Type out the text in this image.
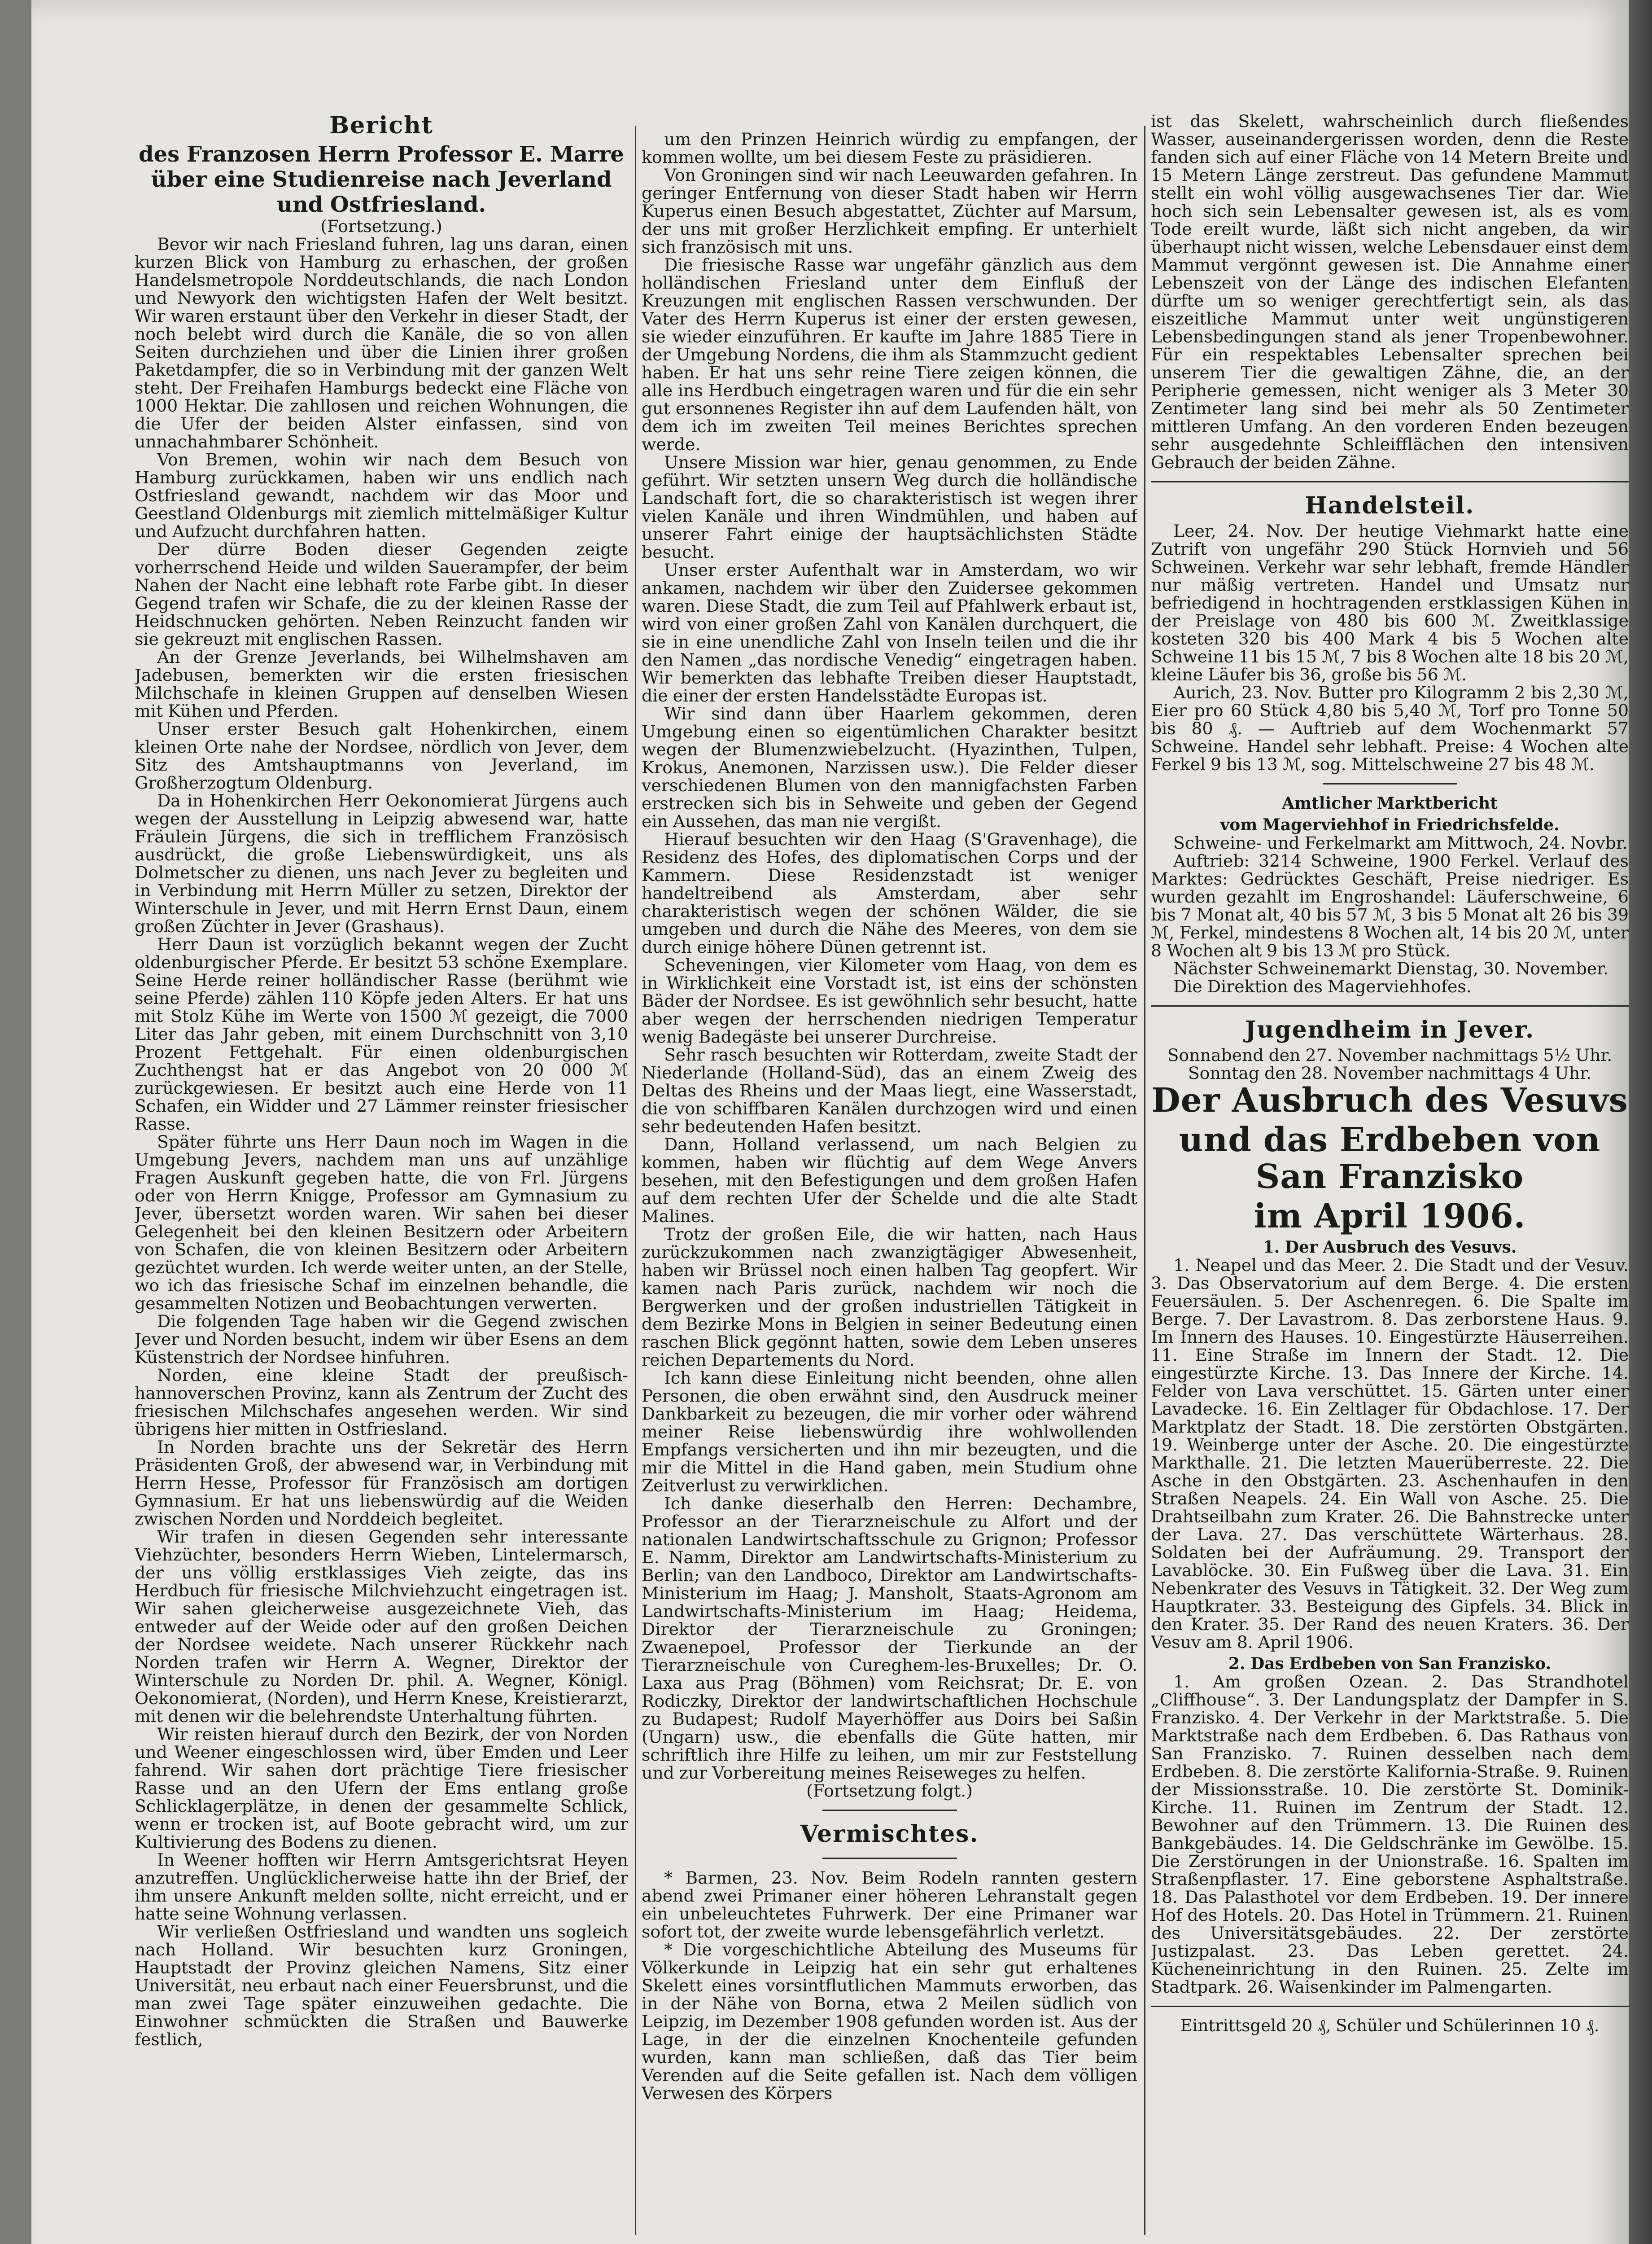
Bericht
des Franzosen Herrn Professor E. Marre
über eine Studienreise nach Jeverland und Ostfriesland.

(Fortsetzung.)

Bevor wir nach Friesland fuhren, lag uns daran, einen kurzen Blick von Hamburg zu erhaschen, der großen Handelsmetropole Norddeutschlands, die nach London und Newyork den wichtigsten Hafen der Welt besitzt. Wir waren erstaunt über den Verkehr in dieser Stadt, der noch belebt wird durch die Kanäle, die so von allen Seiten durchziehen und über die Linien ihrer großen Paketdampfer, die so in Verbindung mit der ganzen Welt steht. Der Freihafen Hamburgs bedeckt eine Fläche von 1000 Hektar. Die zahllosen und reichen Wohnungen, die die Ufer der beiden Alster einfassen, sind von unnachahmbarer Schönheit.

Von Bremen, wohin wir nach dem Besuch von Hamburg zurückkamen, haben wir uns endlich nach Ostfriesland gewandt, nachdem wir das Moor und Geestland Oldenburgs mit ziemlich mittelmäßiger Kultur und Aufzucht durchfahren hatten.

Der dürre Boden dieser Gegenden zeigte vorherrschend Heide und wilden Sauerampfer, der beim Nahen der Nacht eine lebhaft rote Farbe gibt. In dieser Gegend trafen wir Schafe, die zu der kleinen Rasse der Heidschnucken gehörten. Neben Reinzucht fanden wir sie gekreuzt mit englischen Rassen.

An der Grenze Jeverlands, bei Wilhelmshaven am Jadebusen, bemerkten wir die ersten friesischen Milchschafe in kleinen Gruppen auf denselben Wiesen mit Kühen und Pferden.

Unser erster Besuch galt Hohenkirchen, einem kleinen Orte nahe der Nordsee, nördlich von Jever, dem Sitz des Amtshauptmanns von Jeverland, im Großherzogtum Oldenburg.

Da in Hohenkirchen Herr Oekonomierat Jürgens auch wegen der Ausstellung in Leipzig abwesend war, hatte Fräulein Jürgens, die sich in trefflichem Französisch ausdrückt, die große Liebenswürdigkeit, uns als Dolmetscher zu dienen, uns nach Jever zu begleiten und in Verbindung mit Herrn Müller zu setzen, Direktor der Winterschule in Jever, und mit Herrn Ernst Daun, einem großen Züchter in Jever (Grashaus).

Herr Daun ist vorzüglich bekannt wegen der Zucht oldenburgischer Pferde. Er besitzt 53 schöne Exemplare. Seine Herde reiner holländischer Rasse (berühmt wie seine Pferde) zählen 110 Köpfe jeden Alters. Er hat uns mit Stolz Kühe im Werte von 1500 ℳ gezeigt, die 7000 Liter das Jahr geben, mit einem Durchschnitt von 3,10 Prozent Fettgehalt. Für einen oldenburgischen Zuchthengst hat er das Angebot von 20 000 ℳ zurückgewiesen. Er besitzt auch eine Herde von 11 Schafen, ein Widder und 27 Lämmer reinster friesischer Rasse.

Später führte uns Herr Daun noch im Wagen in die Umgebung Jevers, nachdem man uns auf unzählige Fragen Auskunft gegeben hatte, die von Frl. Jürgens oder von Herrn Knigge, Professor am Gymnasium zu Jever, übersetzt worden waren. Wir sahen bei dieser Gelegenheit bei den kleinen Besitzern oder Arbeitern von Schafen, die von kleinen Besitzern oder Arbeitern gezüchtet wurden. Ich werde weiter unten, an der Stelle, wo ich das friesische Schaf im einzelnen behandle, die gesammelten Notizen und Beobachtungen verwerten.

Die folgenden Tage haben wir die Gegend zwischen Jever und Norden besucht, indem wir über Esens an dem Küstenstrich der Nordsee hinfuhren.

Norden, eine kleine Stadt der preußisch-hannoverschen Provinz, kann als Zentrum der Zucht des friesischen Milchschafes angesehen werden. Wir sind übrigens hier mitten in Ostfriesland.

In Norden brachte uns der Sekretär des Herrn Präsidenten Groß, der abwesend war, in Verbindung mit Herrn Hesse, Professor für Französisch am dortigen Gymnasium. Er hat uns liebenswürdig auf die Weiden zwischen Norden und Norddeich begleitet.

Wir trafen in diesen Gegenden sehr interessante Viehzüchter, besonders Herrn Wieben, Lintelermarsch, der uns völlig erstklassiges Vieh zeigte, das ins Herdbuch für friesische Milchviehzucht eingetragen ist. Wir sahen gleicherweise ausgezeichnete Vieh, das entweder auf der Weide oder auf den großen Deichen der Nordsee weidete. Nach unserer Rückkehr nach Norden trafen wir Herrn A. Wegner, Direktor der Winterschule zu Norden Dr. phil. A. Wegner, Königl. Oekonomierat, (Norden), und Herrn Knese, Kreistierarzt, mit denen wir die belehrendste Unterhaltung führten.

Wir reisten hierauf durch den Bezirk, der von Norden und Weener eingeschlossen wird, über Emden und Leer fahrend. Wir sahen dort prächtige Tiere friesischer Rasse und an den Ufern der Ems entlang große Schlicklagerplätze, in denen der gesammelte Schlick, wenn er trocken ist, auf Boote gebracht wird, um zur Kultivierung des Bodens zu dienen.

In Weener hofften wir Herrn Amtsgerichtsrat Heyen anzutreffen. Unglücklicherweise hatte ihn der Brief, der ihm unsere Ankunft melden sollte, nicht erreicht, und er hatte seine Wohnung verlassen.

Wir verließen Ostfriesland und wandten uns sogleich nach Holland. Wir besuchten kurz Groningen, Hauptstadt der Provinz gleichen Namens, Sitz einer Universität, neu erbaut nach einer Feuersbrunst, und die man zwei Tage später einzuweihen gedachte. Die Einwohner schmückten die Straßen und Bauwerke festlich,

um den Prinzen Heinrich würdig zu empfangen, der kommen wollte, um bei diesem Feste zu präsidieren.

Von Groningen sind wir nach Leeuwarden gefahren. In geringer Entfernung von dieser Stadt haben wir Herrn Kuperus einen Besuch abgestattet, Züchter auf Marsum, der uns mit großer Herzlichkeit empfing. Er unterhielt sich französisch mit uns.

Die friesische Rasse war ungefähr gänzlich aus dem holländischen Friesland unter dem Einfluß der Kreuzungen mit englischen Rassen verschwunden. Der Vater des Herrn Kuperus ist einer der ersten gewesen, sie wieder einzuführen. Er kaufte im Jahre 1885 Tiere in der Umgebung Nordens, die ihm als Stammzucht gedient haben. Er hat uns sehr reine Tiere zeigen können, die alle ins Herdbuch eingetragen waren und für die ein sehr gut ersonnenes Register ihn auf dem Laufenden hält, von dem ich im zweiten Teil meines Berichtes sprechen werde.

Unsere Mission war hier, genau genommen, zu Ende geführt. Wir setzten unsern Weg durch die holländische Landschaft fort, die so charakteristisch ist wegen ihrer vielen Kanäle und ihren Windmühlen, und haben auf unserer Fahrt einige der hauptsächlichsten Städte besucht.

Unser erster Aufenthalt war in Amsterdam, wo wir ankamen, nachdem wir über den Zuidersee gekommen waren. Diese Stadt, die zum Teil auf Pfahlwerk erbaut ist, wird von einer großen Zahl von Kanälen durchquert, die sie in eine unendliche Zahl von Inseln teilen und die ihr den Namen „das nordische Venedig“ eingetragen haben. Wir bemerkten das lebhafte Treiben dieser Hauptstadt, die einer der ersten Handelsstädte Europas ist.

Wir sind dann über Haarlem gekommen, deren Umgebung einen so eigentümlichen Charakter besitzt wegen der Blumenzwiebelzucht. (Hyazinthen, Tulpen, Krokus, Anemonen, Narzissen usw.). Die Felder dieser verschiedenen Blumen von den mannigfachsten Farben erstrecken sich bis in Sehweite und geben der Gegend ein Aussehen, das man nie vergißt.

Hierauf besuchten wir den Haag (S'Gravenhage), die Residenz des Hofes, des diplomatischen Corps und der Kammern. Diese Residenzstadt ist weniger handeltreibend als Amsterdam, aber sehr charakteristisch wegen der schönen Wälder, die sie umgeben und durch die Nähe des Meeres, von dem sie durch einige höhere Dünen getrennt ist.

Scheveningen, vier Kilometer vom Haag, von dem es in Wirklichkeit eine Vorstadt ist, ist eins der schönsten Bäder der Nordsee. Es ist gewöhnlich sehr besucht, hatte aber wegen der herrschenden niedrigen Temperatur wenig Badegäste bei unserer Durchreise.

Sehr rasch besuchten wir Rotterdam, zweite Stadt der Niederlande (Holland-Süd), das an einem Zweig des Deltas des Rheins und der Maas liegt, eine Wasserstadt, die von schiffbaren Kanälen durchzogen wird und einen sehr bedeutenden Hafen besitzt.

Dann, Holland verlassend, um nach Belgien zu kommen, haben wir flüchtig auf dem Wege Anvers besehen, mit den Befestigungen und dem großen Hafen auf dem rechten Ufer der Schelde und die alte Stadt Malines.

Trotz der großen Eile, die wir hatten, nach Haus zurückzukommen nach zwanzigtägiger Abwesenheit, haben wir Brüssel noch einen halben Tag geopfert. Wir kamen nach Paris zurück, nachdem wir noch die Bergwerken und der großen industriellen Tätigkeit in dem Bezirke Mons in Belgien in seiner Bedeutung einen raschen Blick gegönnt hatten, sowie dem Leben unseres reichen Departements du Nord.

Ich kann diese Einleitung nicht beenden, ohne allen Personen, die oben erwähnt sind, den Ausdruck meiner Dankbarkeit zu bezeugen, die mir vorher oder während meiner Reise liebenswürdig ihre wohlwollenden Empfangs versicherten und ihn mir bezeugten, und die mir die Mittel in die Hand gaben, mein Studium ohne Zeitverlust zu verwirklichen.

Ich danke dieserhalb den Herren: Dechambre, Professor an der Tierarzneischule zu Alfort und der nationalen Landwirtschaftsschule zu Grignon; Professor E. Namm, Direktor am Landwirtschafts-Ministerium zu Berlin; van den Landboco, Direktor am Landwirtschafts-Ministerium im Haag; J. Mansholt, Staats-Agronom am Landwirtschafts-Ministerium im Haag; Heidema, Direktor der Tierarzneischule zu Groningen; Zwaenepoel, Professor der Tierkunde an der Tierarzneischule von Cureghem-les-Bruxelles; Dr. O. Laxa aus Prag (Böhmen) vom Reichsrat; Dr. E. von Rodiczky, Direktor der landwirtschaftlichen Hochschule zu Budapest; Rudolf Mayerhöffer aus Doirs bei Saßin (Ungarn) usw., die ebenfalls die Güte hatten, mir schriftlich ihre Hilfe zu leihen, um mir zur Feststellung und zur Vorbereitung meines Reiseweges zu helfen.

(Fortsetzung folgt.)

Vermischtes.

* Barmen, 23. Nov. Beim Rodeln rannten gestern abend zwei Primaner einer höheren Lehranstalt gegen ein unbeleuchtetes Fuhrwerk. Der eine Primaner war sofort tot, der zweite wurde lebensgefährlich verletzt.

* Die vorgeschichtliche Abteilung des Museums für Völkerkunde in Leipzig hat ein sehr gut erhaltenes Skelett eines vorsintflutlichen Mammuts erworben, das in der Nähe von Borna, etwa 2 Meilen südlich von Leipzig, im Dezember 1908 gefunden worden ist. Aus der Lage, in der die einzelnen Knochenteile gefunden wurden, kann man schließen, daß das Tier beim Verenden auf die Seite gefallen ist. Nach dem völligen Verwesen des Körpers

ist das Skelett, wahrscheinlich durch fließendes Wasser, auseinandergerissen worden, denn die Reste fanden sich auf einer Fläche von 14 Metern Breite und 15 Metern Länge zerstreut. Das gefundene Mammut stellt ein wohl völlig ausgewachsenes Tier dar. Wie hoch sich sein Lebensalter gewesen ist, als es vom Tode ereilt wurde, läßt sich nicht angeben, da wir überhaupt nicht wissen, welche Lebensdauer einst dem Mammut vergönnt gewesen ist. Die Annahme einer Lebenszeit von der Länge des indischen Elefanten dürfte um so weniger gerechtfertigt sein, als das eiszeitliche Mammut unter weit ungünstigeren Lebensbedingungen stand als jener Tropenbewohner. Für ein respektables Lebensalter sprechen bei unserem Tier die gewaltigen Zähne, die, an der Peripherie gemessen, nicht weniger als 3 Meter 30 Zentimeter lang sind bei mehr als 50 Zentimeter mittleren Umfang. An den vorderen Enden bezeugen sehr ausgedehnte Schleifflächen den intensiven Gebrauch der beiden Zähne.

Handelsteil.

Leer, 24. Nov. Der heutige Viehmarkt hatte eine Zutrift von ungefähr 290 Stück Hornvieh und 56 Schweinen. Verkehr war sehr lebhaft, fremde Händler nur mäßig vertreten. Handel und Umsatz nur befriedigend in hochtragenden erstklassigen Kühen in der Preislage von 480 bis 600 ℳ. Zweitklassige kosteten 320 bis 400 Mark 4 bis 5 Wochen alte Schweine 11 bis 15 ℳ, 7 bis 8 Wochen alte 18 bis 20 ℳ, kleine Läufer bis 36, große bis 56 ℳ.

Aurich, 23. Nov. Butter pro Kilogramm 2 bis 2,30 ℳ, Eier pro 60 Stück 4,80 bis 5,40 ℳ, Torf pro Tonne 50 bis 80 ₰. — Auftrieb auf dem Wochenmarkt 57 Schweine. Handel sehr lebhaft. Preise: 4 Wochen alte Ferkel 9 bis 13 ℳ, sog. Mittelschweine 27 bis 48 ℳ.

Amtlicher Marktbericht
vom Magerviehhof in Friedrichsfelde.

Schweine- und Ferkelmarkt am Mittwoch, 24. Novbr.

Auftrieb: 3214 Schweine, 1900 Ferkel. Verlauf des Marktes: Gedrücktes Geschäft, Preise niedriger. Es wurden gezahlt im Engroshandel: Läuferschweine, 6 bis 7 Monat alt, 40 bis 57 ℳ, 3 bis 5 Monat alt 26 bis 39 ℳ, Ferkel, mindestens 8 Wochen alt, 14 bis 20 ℳ, unter 8 Wochen alt 9 bis 13 ℳ pro Stück.

Nächster Schweinemarkt Dienstag, 30. November.

Die Direktion des Magerviehhofes.

Jugendheim in Jever.

Sonnabend den 27. November nachmittags 5½ Uhr.

Sonntag den 28. November nachmittags 4 Uhr.

Der Ausbruch des Vesuvs
und das Erdbeben von San Franzisko
im April 1906.
1. Der Ausbruch des Vesuvs.

1. Neapel und das Meer. 2. Die Stadt und der Vesuv. 3. Das Observatorium auf dem Berge. 4. Die ersten Feuersäulen. 5. Der Aschenregen. 6. Die Spalte im Berge. 7. Der Lavastrom. 8. Das zerborstene Haus. 9. Im Innern des Hauses. 10. Eingestürzte Häuserreihen. 11. Eine Straße im Innern der Stadt. 12. Die eingestürzte Kirche. 13. Das Innere der Kirche. 14. Felder von Lava verschüttet. 15. Gärten unter einer Lavadecke. 16. Ein Zeltlager für Obdachlose. 17. Der Marktplatz der Stadt. 18. Die zerstörten Obstgärten. 19. Weinberge unter der Asche. 20. Die eingestürzte Markthalle. 21. Die letzten Mauerüberreste. 22. Die Asche in den Obstgärten. 23. Aschenhaufen in den Straßen Neapels. 24. Ein Wall von Asche. 25. Die Drahtseilbahn zum Krater. 26. Die Bahnstrecke unter der Lava. 27. Das verschüttete Wärterhaus. 28. Soldaten bei der Aufräumung. 29. Transport der Lavablöcke. 30. Ein Fußweg über die Lava. 31. Ein Nebenkrater des Vesuvs in Tätigkeit. 32. Der Weg zum Hauptkrater. 33. Besteigung des Gipfels. 34. Blick in den Krater. 35. Der Rand des neuen Kraters. 36. Der Vesuv am 8. April 1906.

2. Das Erdbeben von San Franzisko.

1. Am großen Ozean. 2. Das Strandhotel „Cliffhouse“. 3. Der Landungsplatz der Dampfer in S. Franzisko. 4. Der Verkehr in der Marktstraße. 5. Die Marktstraße nach dem Erdbeben. 6. Das Rathaus von San Franzisko. 7. Ruinen desselben nach dem Erdbeben. 8. Die zerstörte Kalifornia-Straße. 9. Ruinen der Missionsstraße. 10. Die zerstörte St. Dominik-Kirche. 11. Ruinen im Zentrum der Stadt. 12. Bewohner auf den Trümmern. 13. Die Ruinen des Bankgebäudes. 14. Die Geldschränke im Gewölbe. 15. Die Zerstörungen in der Unionstraße. 16. Spalten im Straßenpflaster. 17. Eine geborstene Asphaltstraße. 18. Das Palasthotel vor dem Erdbeben. 19. Der innere Hof des Hotels. 20. Das Hotel in Trümmern. 21. Ruinen des Universitätsgebäudes. 22. Der zerstörte Justizpalast. 23. Das Leben gerettet. 24. Kücheneinrichtung in den Ruinen. 25. Zelte im Stadtpark. 26. Waisenkinder im Palmengarten.

Eintrittsgeld 20 ₰, Schüler und Schülerinnen 10 ₰.
